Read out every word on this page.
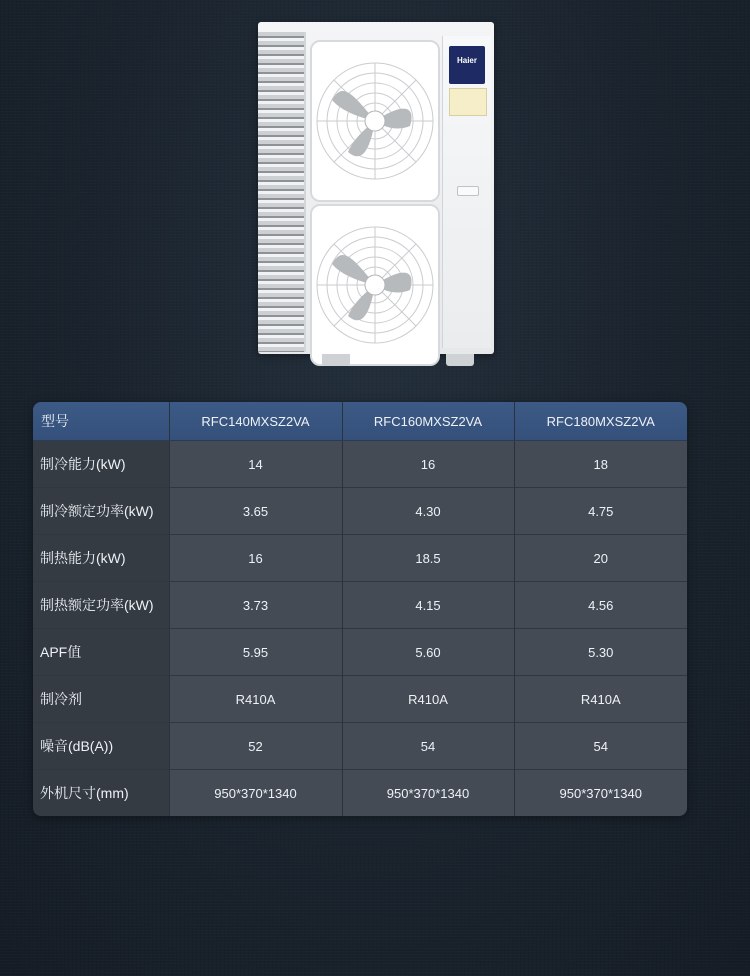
Haier
型号	RFC140MXSZ2VA	RFC160MXSZ2VA	RFC180MXSZ2VA
制冷能力(kW)	14	16	18
制冷额定功率(kW)	3.65	4.30	4.75
制热能力(kW)	16	18.5	20
制热额定功率(kW)	3.73	4.15	4.56
APF值	5.95	5.60	5.30
制冷剂	R410A	R410A	R410A
噪音(dB(A))	52	54	54
外机尺寸(mm)	950*370*1340	950*370*1340	950*370*1340
